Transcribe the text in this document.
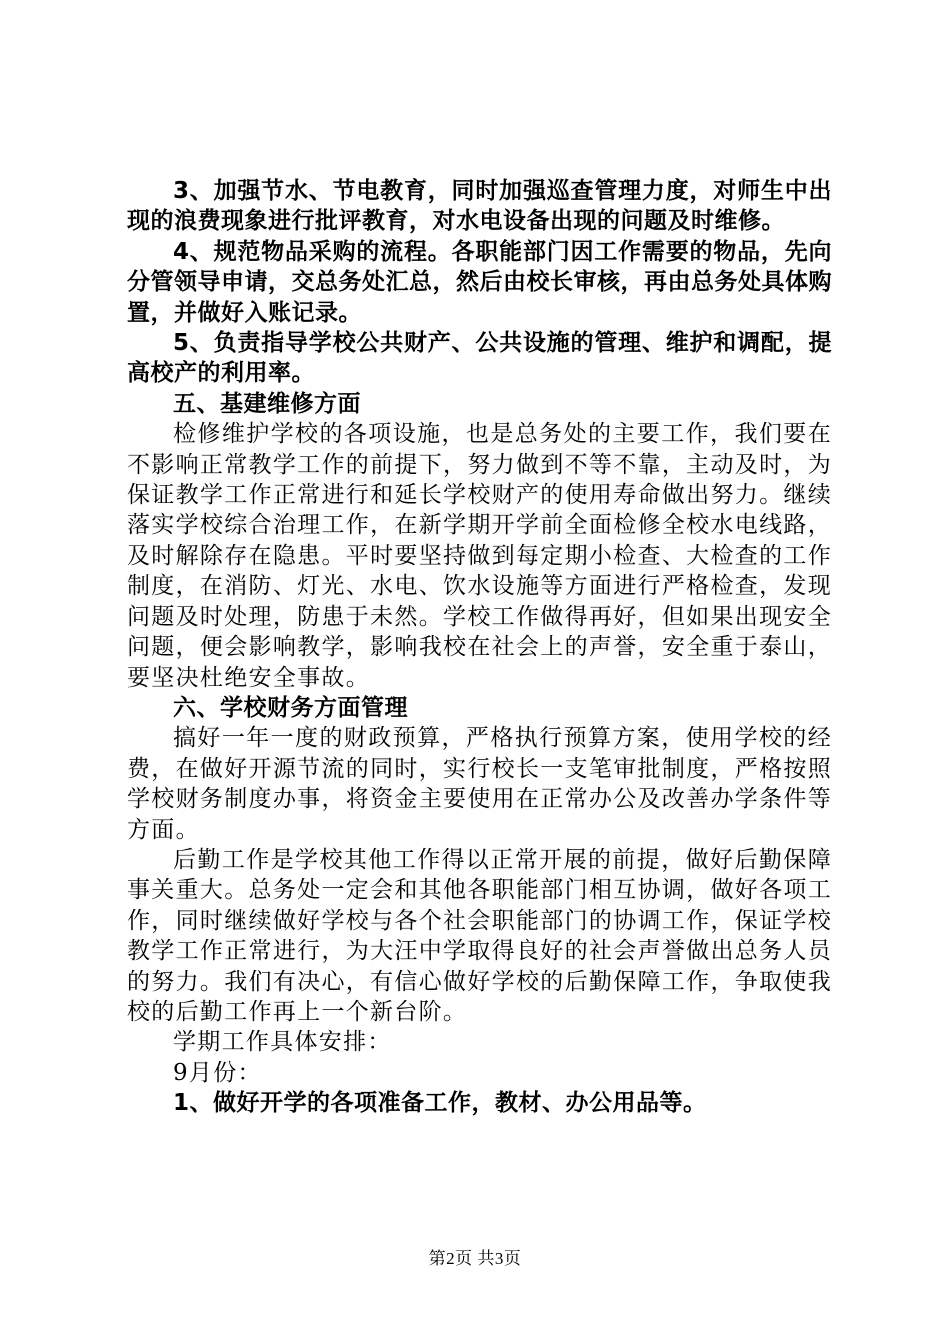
3、加强节水、节电教育，同时加强巡查管理力度，对师生中出现的浪费现象进行批评教育，对水电设备出现的问题及时维修。

4、规范物品采购的流程。各职能部门因工作需要的物品，先向分管领导申请，交总务处汇总，然后由校长审核，再由总务处具体购置，并做好入账记录。

5、负责指导学校公共财产、公共设施的管理、维护和调配，提高校产的利用率。

五、基建维修方面

检修维护学校的各项设施，也是总务处的主要工作，我们要在不影响正常教学工作的前提下，努力做到不等不靠，主动及时，为保证教学工作正常进行和延长学校财产的使用寿命做出努力。继续落实学校综合治理工作，在新学期开学前全面检修全校水电线路，及时解除存在隐患。平时要坚持做到每定期小检查、大检查的工作制度，在消防、灯光、水电、饮水设施等方面进行严格检查，发现问题及时处理，防患于未然。学校工作做得再好，但如果出现安全问题，便会影响教学，影响我校在社会上的声誉，安全重于泰山，要坚决杜绝安全事故。

六、学校财务方面管理

搞好一年一度的财政预算，严格执行预算方案，使用学校的经费，在做好开源节流的同时，实行校长一支笔审批制度，严格按照学校财务制度办事，将资金主要使用在正常办公及改善办学条件等方面。

后勤工作是学校其他工作得以正常开展的前提，做好后勤保障事关重大。总务处一定会和其他各职能部门相互协调，做好各项工作，同时继续做好学校与各个社会职能部门的协调工作，保证学校教学工作正常进行，为大汪中学取得良好的社会声誉做出总务人员的努力。我们有决心，有信心做好学校的后勤保障工作，争取使我校的后勤工作再上一个新台阶。

学期工作具体安排：

9月份：

1、做好开学的各项准备工作，教材、办公用品等。

第2页 共3页
